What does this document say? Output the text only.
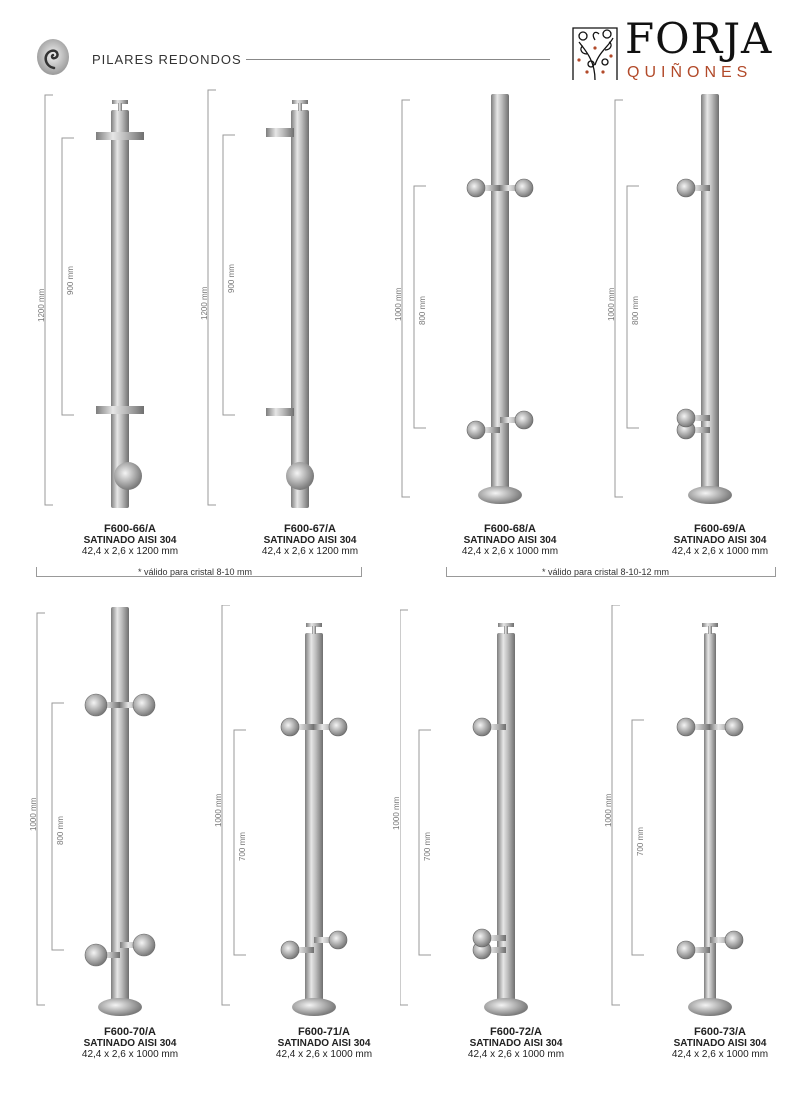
PILARES REDONDOS	FORJA
QUIÑONES
1200 mm
900 mm
F600-66/A
SATINADO AISI 304
42,4 x 2,6 x 1200 mm
1200 mm
900 mm
F600-67/A
SATINADO AISI 304
42,4 x 2,6 x 1200 mm
1000 mm 800 mm
F600-68/A
SATINADO AISI 304
42,4 x 2,6 x 1000 mm
1000 mm 800 mm
F600-69/A
SATINADO AISI 304
42,4 x 2,6 x 1000 mm
1000 mm 800 mm
F600-70/A
SATINADO AISI 304
42,4 x 2,6 x 1000 mm
1000 mm
700 mm
F600-71/A
SATINADO AISI 304
42,4 x 2,6 x 1000 mm
1000 mm
700 mm
F600-72/A
SATINADO AISI 304
42,4 x 2,6 x 1000 mm
1000 mm
700 mm
F600-73/A
SATINADO AISI 304
42,4 x 2,6 x 1000 mm
* válido para cristal 8-10 mm	* válido para cristal 8-10-12 mm
